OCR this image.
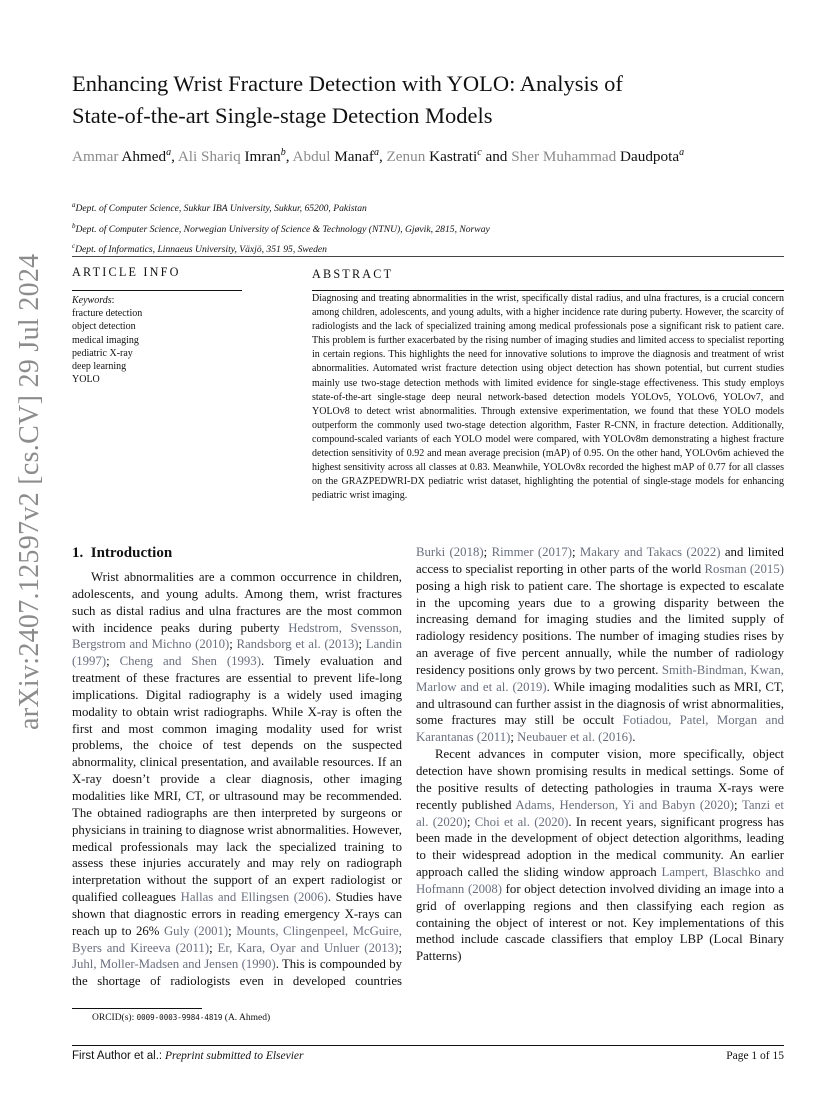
arXiv:2407.12597v2 [cs.CV] 29 Jul 2024
Enhancing Wrist Fracture Detection with YOLO: Analysis of
State-of-the-art Single-stage Detection Models
Ammar Ahmed$^a$, Ali Shariq Imran$^b$, Abdul Manaf$^a$, Zenun Kastrati$^c$ and Sher Muhammad Daudpota$^a$
$^a$Dept. of Computer Science, Sukkur IBA University, Sukkur, 65200, Pakistan
$^b$Dept. of Computer Science, Norwegian University of Science & Technology (NTNU), Gjøvik, 2815, Norway
$^c$Dept. of Informatics, Linnaeus University, Växjö, 351 95, Sweden
ARTICLE INFO
Keywords:
fracture detection
object detection
medical imaging
pediatric X-ray
deep learning
YOLO
ABSTRACT
Diagnosing and treating abnormalities in the wrist, specifically distal radius, and ulna fractures, is a crucial concern among children, adolescents, and young adults, with a higher incidence rate during puberty. However, the scarcity of radiologists and the lack of specialized training among medical professionals pose a significant risk to patient care. This problem is further exacerbated by the rising number of imaging studies and limited access to specialist reporting in certain regions. This highlights the need for innovative solutions to improve the diagnosis and treatment of wrist abnormalities. Automated wrist fracture detection using object detection has shown potential, but current studies mainly use two-stage detection methods with limited evidence for single-stage effectiveness. This study employs state-of-the-art single-stage deep neural network-based detection models YOLOv5, YOLOv6, YOLOv7, and YOLOv8 to detect wrist abnormalities. Through extensive experimentation, we found that these YOLO models outperform the commonly used two-stage detection algorithm, Faster R-CNN, in fracture detection. Additionally, compound-scaled variants of each YOLO model were compared, with YOLOv8m demonstrating a highest fracture detection sensitivity of 0.92 and mean average precision (mAP) of 0.95. On the other hand, YOLOv6m achieved the highest sensitivity across all classes at 0.83. Meanwhile, YOLOv8x recorded the highest mAP of 0.77 for all classes on the GRAZPEDWRI-DX pediatric wrist dataset, highlighting the potential of single-stage models for enhancing pediatric wrist imaging.
1. Introduction

Wrist abnormalities are a common occurrence in children, adolescents, and young adults. Among them, wrist fractures such as distal radius and ulna fractures are the most common with incidence peaks during puberty Hedstrom, Svensson, Bergstrom and Michno (2010); Randsborg et al. (2013); Landin (1997); Cheng and Shen (1993). Timely evaluation and treatment of these fractures are essential to prevent life-long implications. Digital radiography is a widely used imaging modality to obtain wrist radiographs. While X-ray is often the first and most common imaging modality used for wrist problems, the choice of test depends on the suspected abnormality, clinical presentation, and available resources. If an X-ray doesn’t provide a clear diagnosis, other imaging modalities like MRI, CT, or ultrasound may be recommended. The obtained radiographs are then interpreted by surgeons or physicians in training to diagnose wrist abnormalities. However, medical professionals may lack the specialized training to assess these injuries accurately and may rely on radiograph interpretation without the support of an expert radiologist or qualified colleagues Hallas and Ellingsen (2006). Studies have shown that diagnostic errors in reading emergency X-rays can reach up to 26% Guly (2001); Mounts, Clingenpeel, McGuire, Byers and Kireeva (2011); Er, Kara, Oyar and Unluer (2013); Juhl, Moller-Madsen and Jensen (1990). This is compounded by the shortage of radiologists even in developed countries

Burki (2018); Rimmer (2017); Makary and Takacs (2022) and limited access to specialist reporting in other parts of the world Rosman (2015) posing a high risk to patient care. The shortage is expected to escalate in the upcoming years due to a growing disparity between the increasing demand for imaging studies and the limited supply of radiology residency positions. The number of imaging studies rises by an average of five percent annually, while the number of radiology residency positions only grows by two percent. Smith-Bindman, Kwan, Marlow and et al. (2019). While imaging modalities such as MRI, CT, and ultrasound can further assist in the diagnosis of wrist abnormalities, some fractures may still be occult Fotiadou, Patel, Morgan and Karantanas (2011); Neubauer et al. (2016).

Recent advances in computer vision, more specifically, object detection have shown promising results in medical settings. Some of the positive results of detecting pathologies in trauma X-rays were recently published Adams, Henderson, Yi and Babyn (2020); Tanzi et al. (2020); Choi et al. (2020). In recent years, significant progress has been made in the development of object detection algorithms, leading to their widespread adoption in the medical community. An earlier approach called the sliding window approach Lampert, Blaschko and Hofmann (2008) for object detection involved dividing an image into a grid of overlapping regions and then classifying each region as containing the object of interest or not. Key implementations of this method include cascade classifiers that employ LBP (Local Binary Patterns)

ORCID(s): 0009-0003-9984-4819 (A. Ahmed)
First Author et al.: Preprint submitted to Elsevier	Page 1 of 15
